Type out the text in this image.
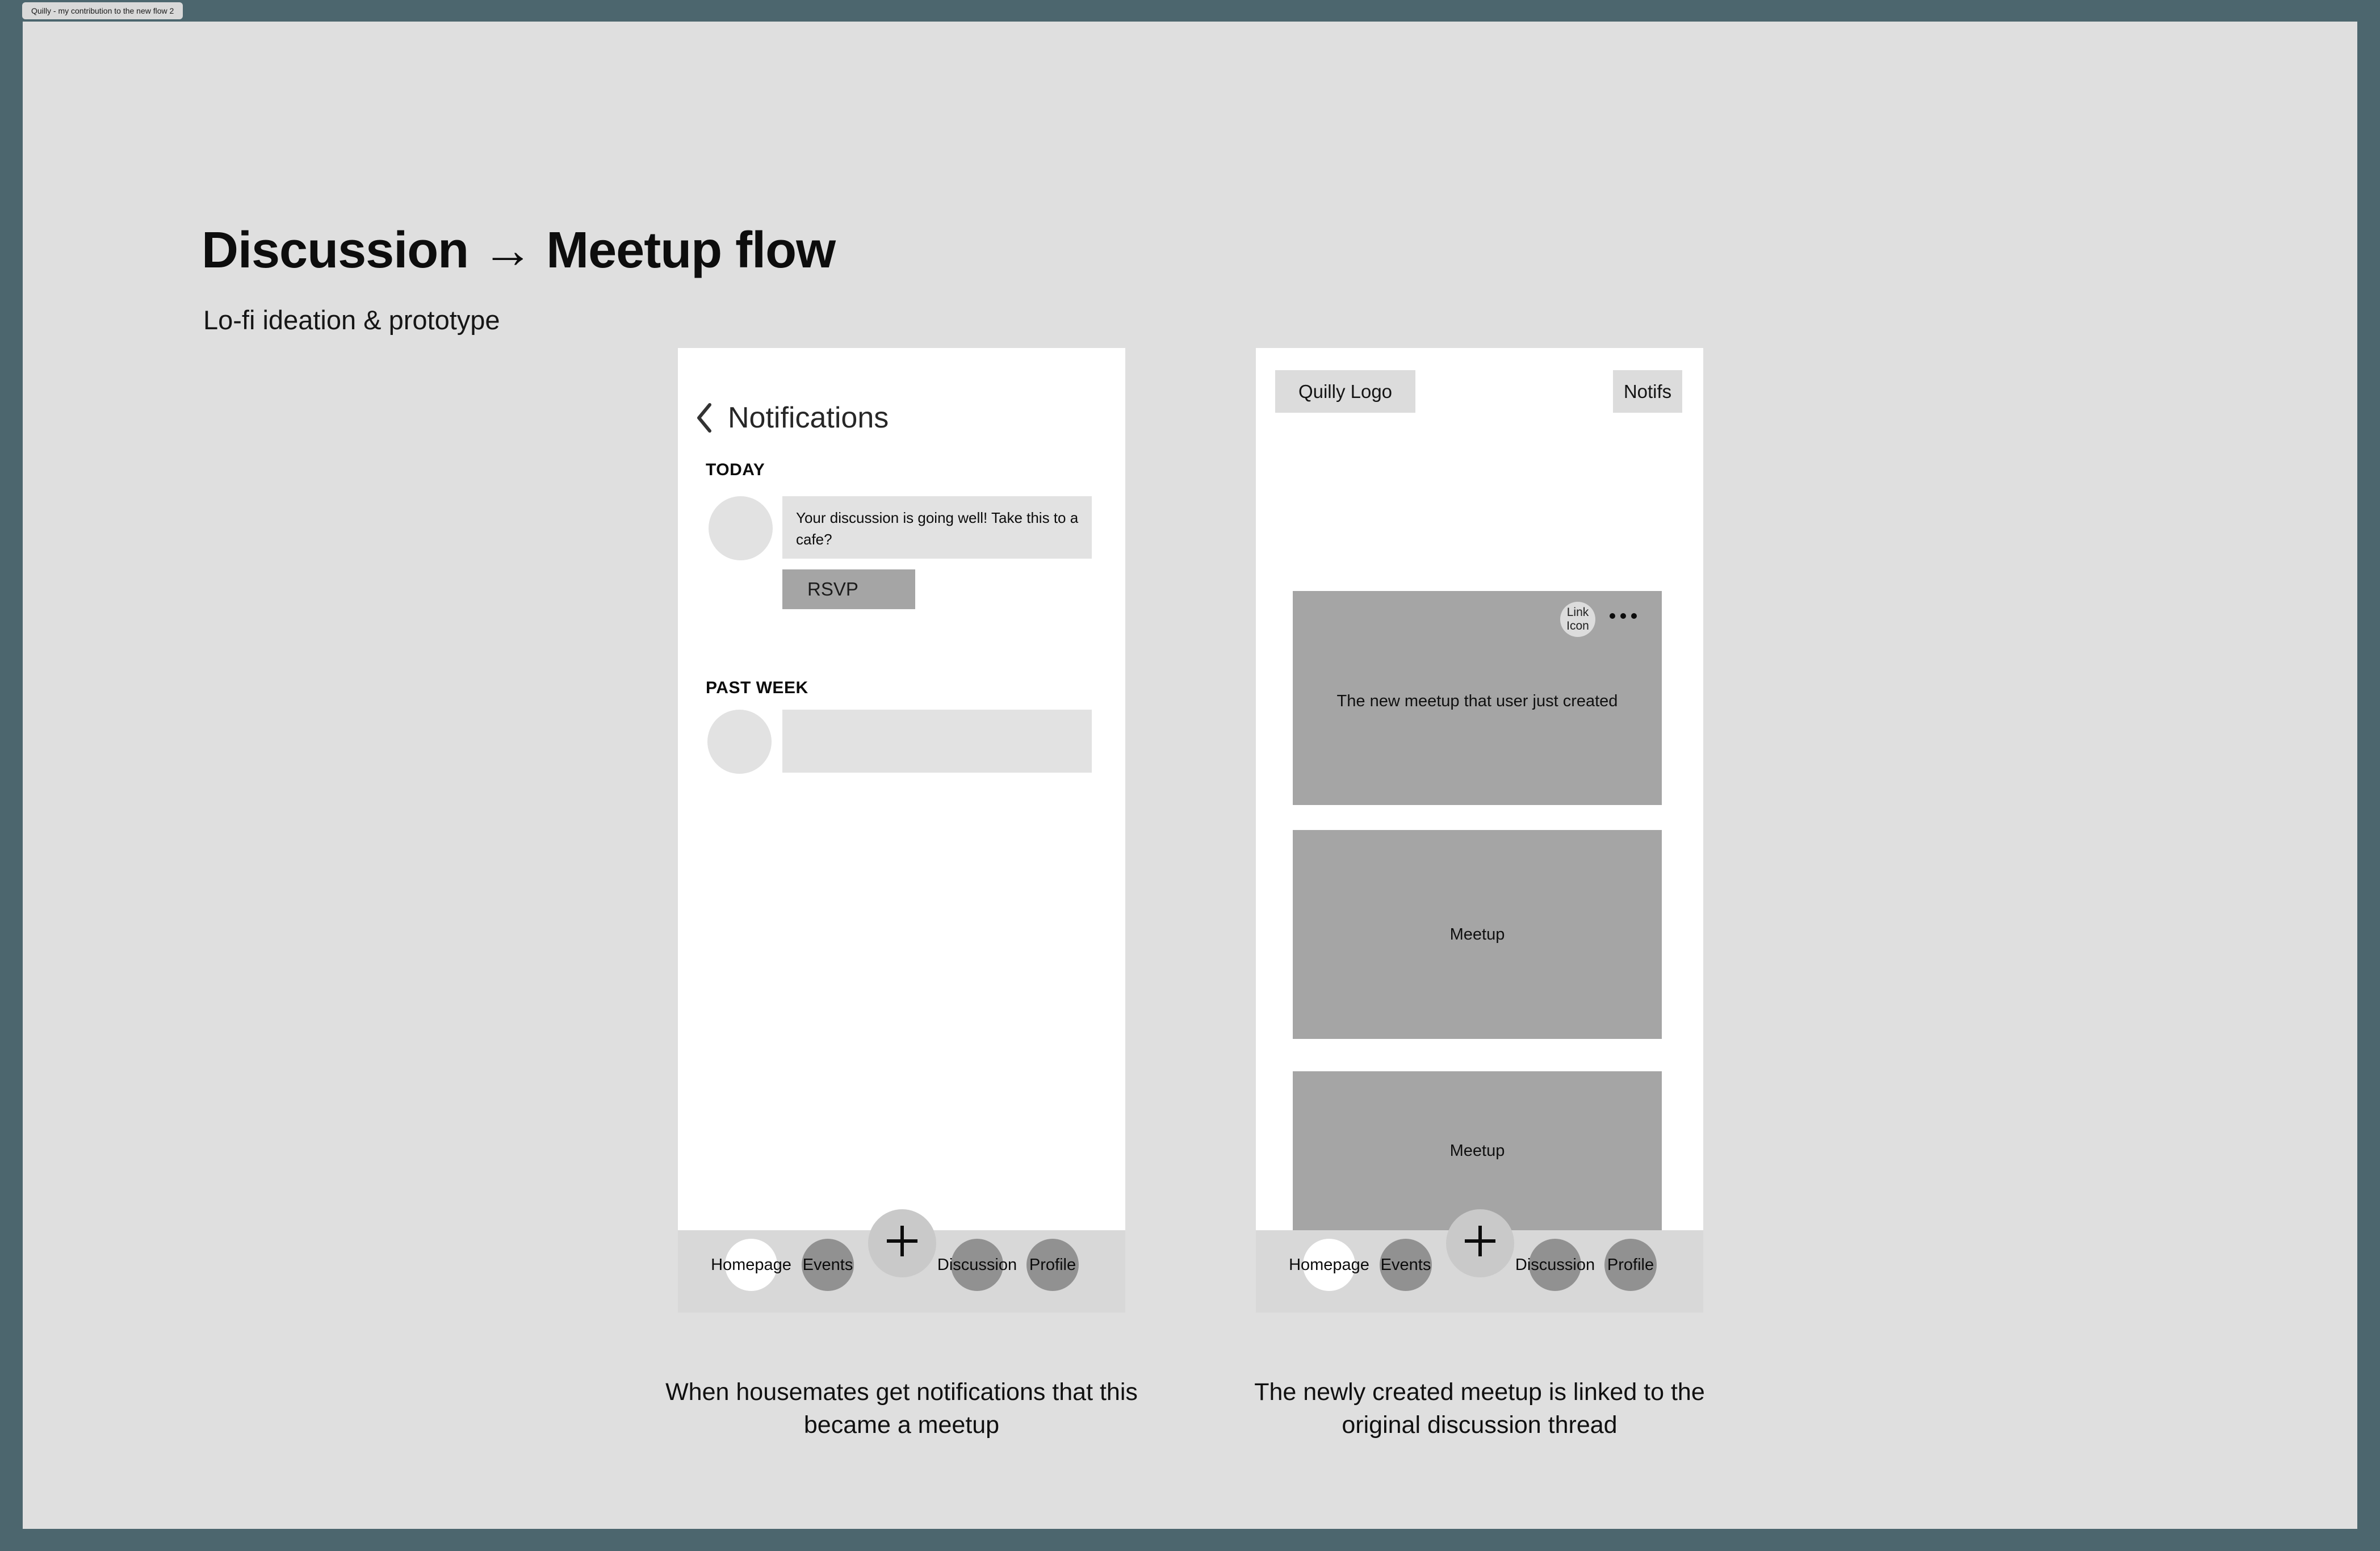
Quilly - my contribution to the new flow 2
Discussion → Meetup flow
Lo-fi ideation & prototype
Notifications
TODAY
Your discussion is going well! Take this to a cafe?
RSVP
PAST WEEK
Homepage Events	Discussion Profile
When housemates get notifications that this became a meetup
Quilly Logo	Notifs
Link Icon
The new meetup that user just created
Meetup
Meetup
Homepage Events	Discussion Profile
The newly created meetup is linked to the original discussion thread
